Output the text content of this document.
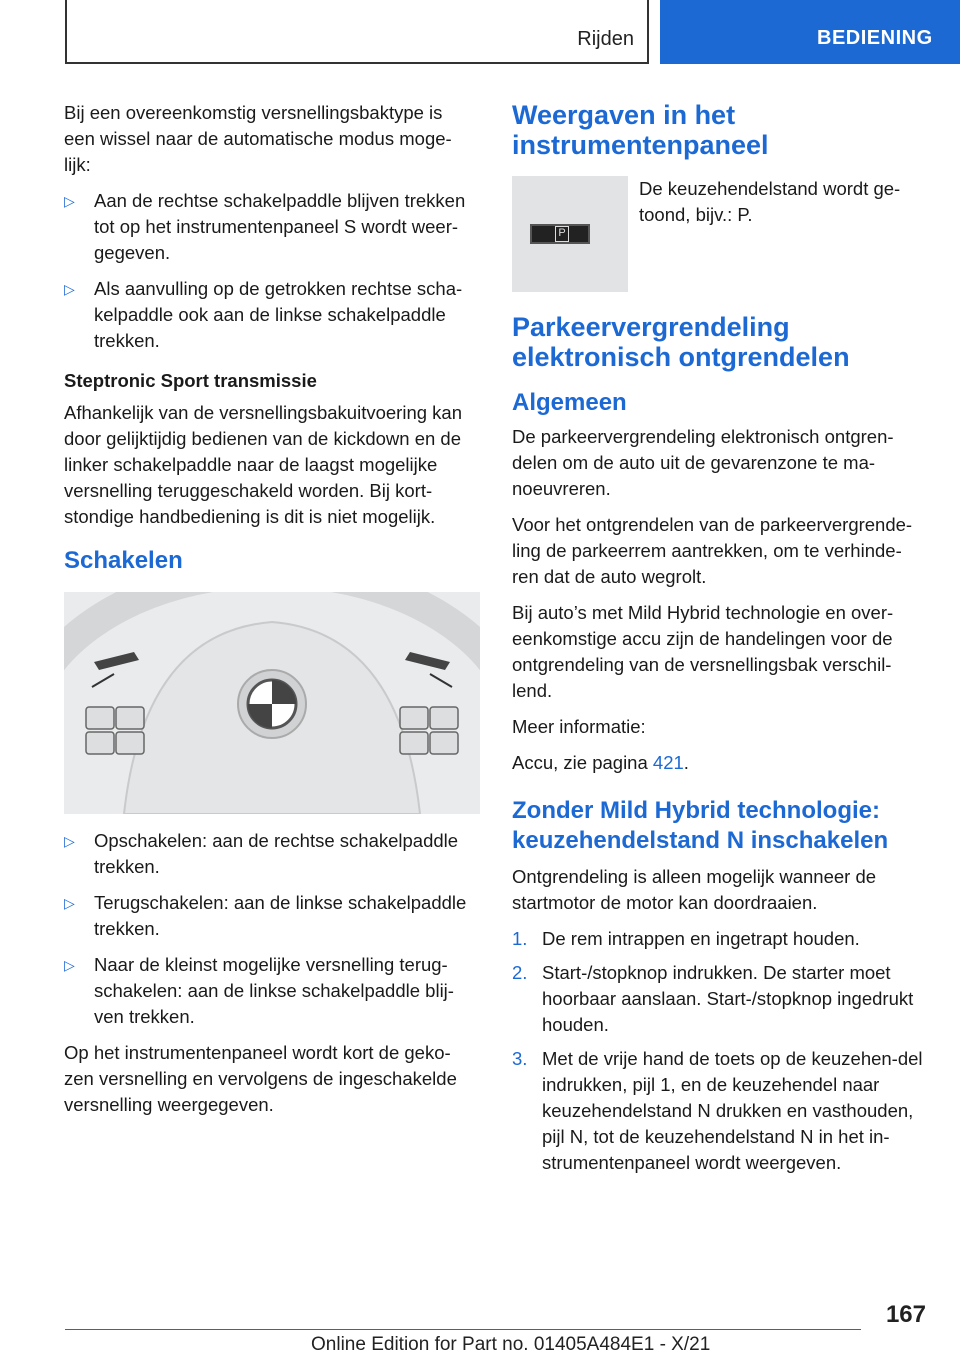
Rijden	BEDIENING

Bij een overeenkomstig versnellingsbaktype is een wissel naar de automatische modus moge-lijk:

▷ Aan de rechtse schakelpaddle blijven trekken tot op het instrumentenpaneel S wordt weer-gegeven.
▷ Als aanvulling op de getrokken rechtse scha-kelpaddle ook aan de linkse schakelpaddle trekken.
Steptronic Sport transmissie

Afhankelijk van de versnellingsbakuitvoering kan door gelijktijdig bedienen van de kickdown en de linker schakelpaddle naar de laagst mogelijke versnelling teruggeschakeld worden. Bij kort-stondige handbediening is dit is niet mogelijk.

Schakelen
▷ Opschakelen: aan de rechtse schakelpaddle trekken.
▷ Terugschakelen: aan de linkse schakelpaddle trekken.
▷ Naar de kleinst mogelijke versnelling terug-schakelen: aan de linkse schakelpaddle blij-ven trekken.

Op het instrumentenpaneel wordt kort de geko-zen versnelling en vervolgens de ingeschakelde versnelling weergegeven.

Weergaven in het instrumentenpaneel
P
De keuzehendelstand wordt ge-toond, bijv.: P.
Parkeervergrendeling elektronisch ontgrendelen
Algemeen

De parkeervergrendeling elektronisch ontgren-delen om de auto uit de gevarenzone te ma-noeuvreren.

Voor het ontgrendelen van de parkeervergrende-ling de parkeerrem aantrekken, om te verhinde-ren dat de auto wegrolt.

Bij auto’s met Mild Hybrid technologie en over-eenkomstige accu zijn de handelingen voor de ontgrendeling van de versnellingsbak verschil-lend.

Meer informatie:

Accu, zie pagina 421.

Zonder Mild Hybrid technologie: keuzehendelstand N inschakelen

Ontgrendeling is alleen mogelijk wanneer de startmotor de motor kan doordraaien.

1. De rem intrappen en ingetrapt houden.
2. Start-/stopknop indrukken. De starter moet hoorbaar aanslaan. Start-/stopknop ingedrukt houden.
3. Met de vrije hand de toets op de keuzehen-del indrukken, pijl 1, en de keuzehendel naar keuzehendelstand N drukken en vasthouden, pijl N, tot de keuzehendelstand N in het in-strumentenpaneel wordt weergeven.
167
Online Edition for Part no. 01405A484E1 - X/21
